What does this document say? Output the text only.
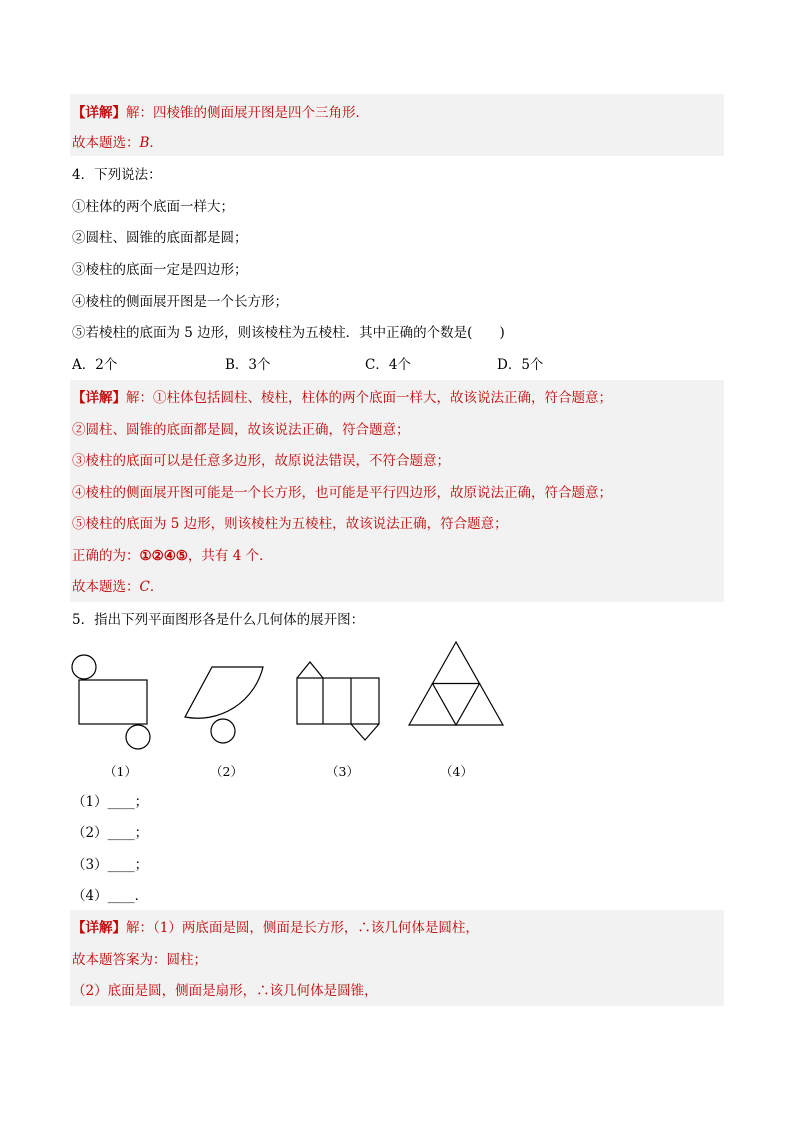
【详解】解：四棱锥的侧面展开图是四个三角形．
故本题选：B．
4．下列说法：
①柱体的两个底面一样大；
②圆柱、圆锥的底面都是圆；
③棱柱的底面一定是四边形；
④棱柱的侧面展开图是一个长方形；
⑤若棱柱的底面为 5 边形，则该棱柱为五棱柱．其中正确的个数是(　　)
A．2个	B．3个	C．4个	D．5个
【详解】解：①柱体包括圆柱、棱柱，柱体的两个底面一样大，故该说法正确，符合题意；
②圆柱、圆锥的底面都是圆，故该说法正确，符合题意；
③棱柱的底面可以是任意多边形，故原说法错误，不符合题意；
④棱柱的侧面展开图可能是一个长方形，也可能是平行四边形，故原说法正确，符合题意；
⑤棱柱的底面为 5 边形，则该棱柱为五棱柱，故该说法正确，符合题意；
正确的为：①②④⑤，共有 4 个．
故本题选：C．
5．指出下列平面图形各是什么几何体的展开图：
（1）	（2）	（3）	（4）
（1）____；
（2）____；
（3）____；
（4）____．
【详解】解：（1）两底面是圆，侧面是长方形，∴该几何体是圆柱，
故本题答案为：圆柱；
（2）底面是圆，侧面是扇形，∴该几何体是圆锥，
